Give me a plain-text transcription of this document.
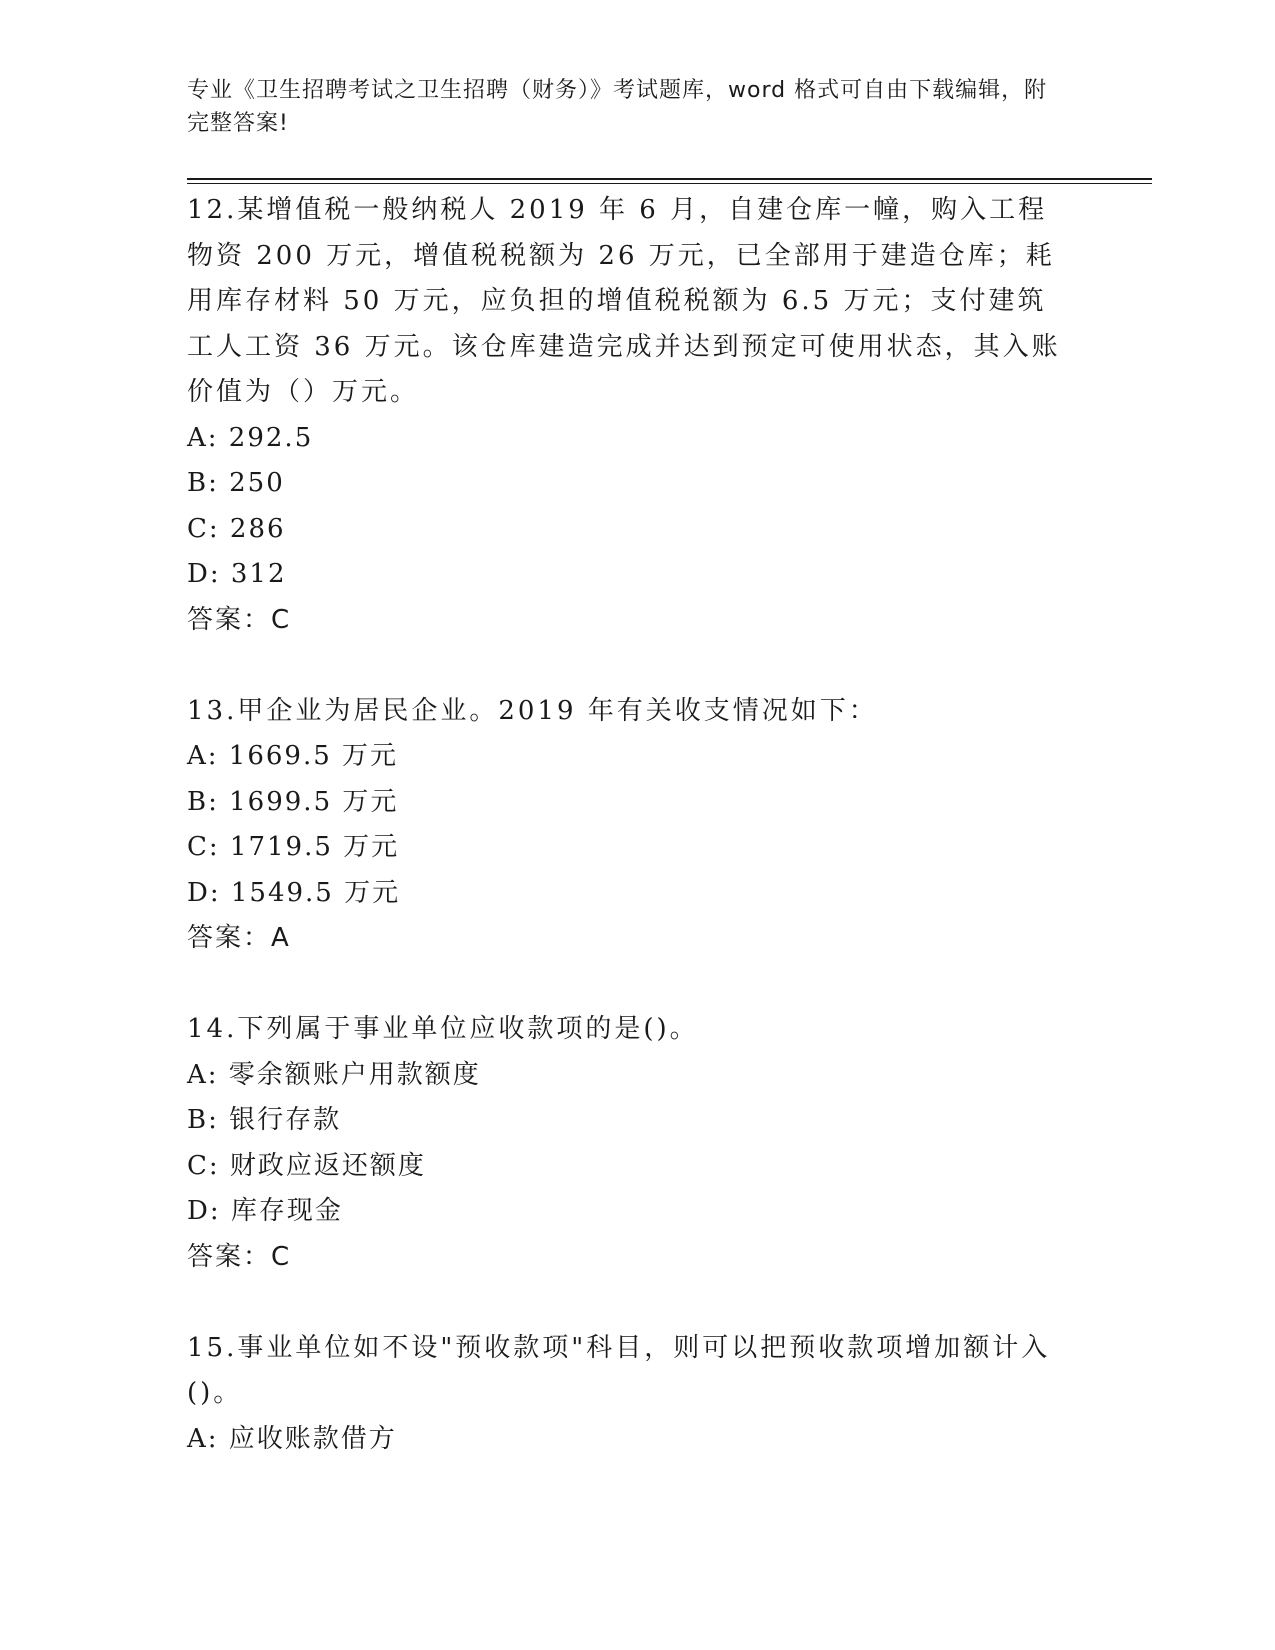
专业《卫生招聘考试之卫生招聘（财务）》考试题库，word 格式可自由下载编辑，附完整答案!

12.某增值税一般纳税人 2019 年 6 月，自建仓库一幢，购入工程物资 200 万元，增值税税额为 26 万元，已全部用于建造仓库；耗用库存材料 50 万元，应负担的增值税税额为 6.5 万元；支付建筑工人工资 36 万元。该仓库建造完成并达到预定可使用状态，其入账价值为（）万元。

A: 292.5

B: 250

C: 286

D: 312

答案：C

13.甲企业为居民企业。2019 年有关收支情况如下：

A: 1669.5 万元

B: 1699.5 万元

C: 1719.5 万元

D: 1549.5 万元

答案：A

14.下列属于事业单位应收款项的是()。

A: 零余额账户用款额度

B: 银行存款

C: 财政应返还额度

D: 库存现金

答案：C

15.事业单位如不设"预收款项"科目，则可以把预收款项增加额计入()。

A: 应收账款借方
